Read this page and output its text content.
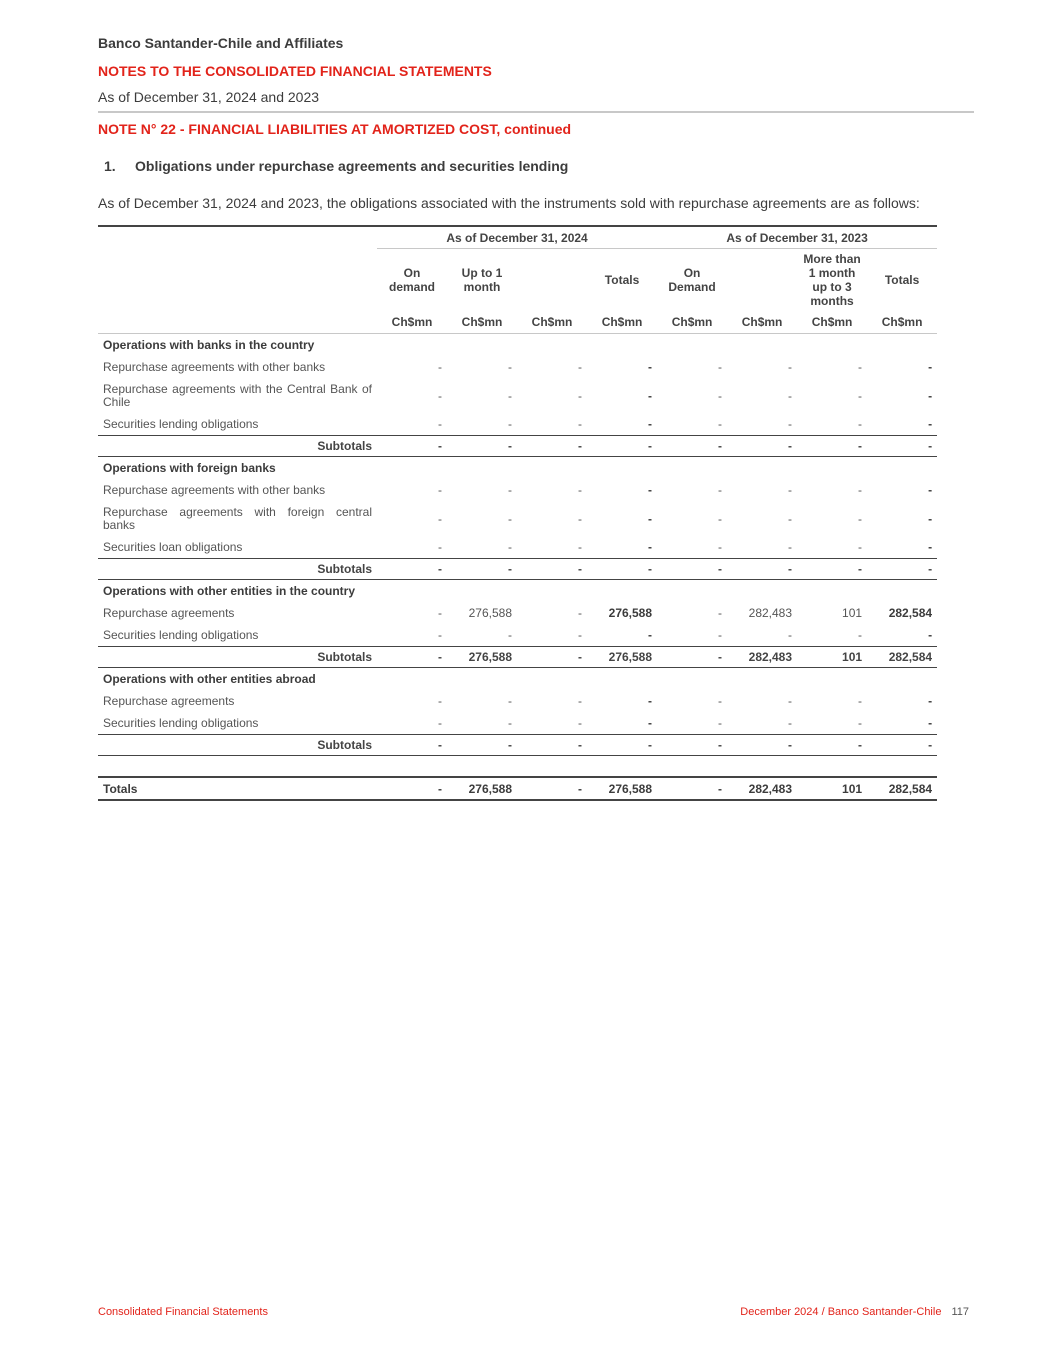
Banco Santander-Chile and Affiliates
NOTES TO THE CONSOLIDATED FINANCIAL STATEMENTS
As of December 31, 2024 and 2023
NOTE N° 22 - FINANCIAL LIABILITIES AT AMORTIZED COST, continued
1. Obligations under repurchase agreements and securities lending
As of December 31, 2024 and 2023, the obligations associated with the instruments sold with repurchase agreements are as follows:
	As of December 31, 2024				As of December 31, 2023			
	On demand	Up to 1 month		Totals	On Demand		More than 1 month up to 3 months	Totals
	Ch$mn	Ch$mn	Ch$mn	Ch$mn	Ch$mn	Ch$mn	Ch$mn	Ch$mn
Operations with banks in the country								
Repurchase agreements with other banks	-	-	-	-	-	-	-	-
Repurchase agreements with the Central Bank of Chile	-	-	-	-	-	-	-	-
Securities lending obligations	-	-	-	-	-	-	-	-
Subtotals	-	-	-	-	-	-	-	-
Operations with foreign banks								
Repurchase agreements with other banks	-	-	-	-	-	-	-	-
Repurchase agreements with foreign central banks	-	-	-	-	-	-	-	-
Securities loan obligations	-	-	-	-	-	-	-	-
Subtotals	-	-	-	-	-	-	-	-
Operations with other entities in the country								
Repurchase agreements	-	276,588	-	276,588	-	282,483	101	282,584
Securities lending obligations	-	-	-	-	-	-	-	-
Subtotals	-	276,588	-	276,588	-	282,483	101	282,584
Operations with other entities abroad								
Repurchase agreements	-	-	-	-	-	-	-	-
Securities lending obligations	-	-	-	-	-	-	-	-
Subtotals	-	-	-	-	-	-	-	-

Totals	-	276,588	-	276,588	-	282,483	101	282,584
Consolidated Financial Statements	December 2024 / Banco Santander-Chile 117
